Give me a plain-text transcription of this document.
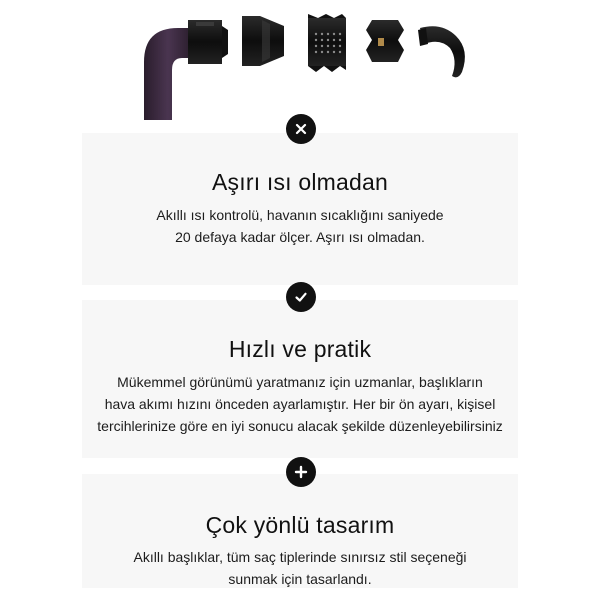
Aşırı ısı olmadan
Akıllı ısı kontrolü, havanın sıcaklığını saniyede
20 defaya kadar ölçer. Aşırı ısı olmadan.
Hızlı ve pratik
Mükemmel görünümü yaratmanız için uzmanlar, başlıkların
hava akımı hızını önceden ayarlamıştır. Her bir ön ayarı, kişisel
tercihlerinize göre en iyi sonucu alacak şekilde düzenleyebilirsiniz
Çok yönlü tasarım
Akıllı başlıklar, tüm saç tiplerinde sınırsız stil seçeneği
sunmak için tasarlandı.
